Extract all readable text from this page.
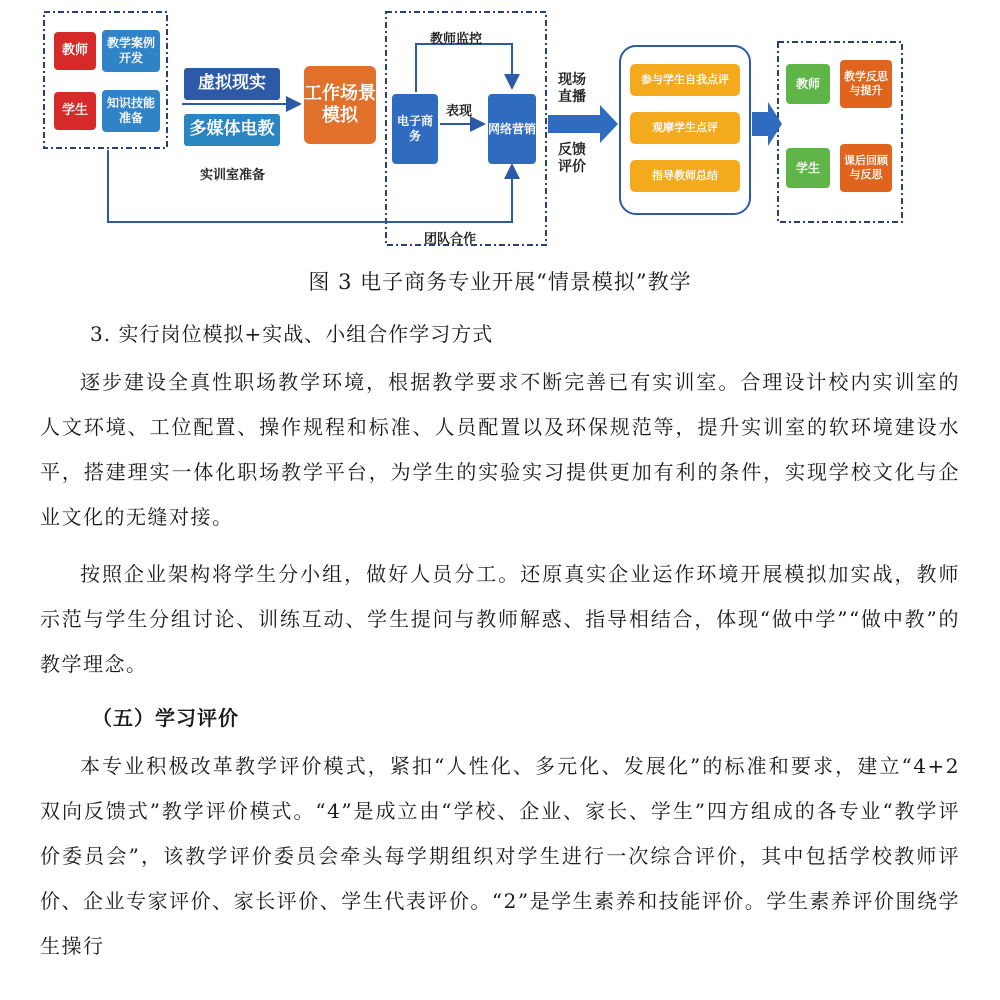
教师	教学案例开发
学生	知识技能准备
虚拟现实
多媒体电教
实训室准备
工作场景模拟
教师监控
电子商务
表现
网络营销
团队合作
现场直播
反馈评价
参与学生自我点评
观摩学生点评
指导教师总结
教师	教学反思与提升
学生	课后回顾与反思
图 3 电子商务专业开展“情景模拟”教学
3. 实行岗位模拟+实战、小组合作学习方式

逐步建设全真性职场教学环境，根据教学要求不断完善已有实训室。合理设计校内实训室的人文环境、工位配置、操作规程和标准、人员配置以及环保规范等，提升实训室的软环境建设水平，搭建理实一体化职场教学平台，为学生的实验实习提供更加有利的条件，实现学校文化与企业文化的无缝对接。

按照企业架构将学生分小组，做好人员分工。还原真实企业运作环境开展模拟加实战，教师示范与学生分组讨论、训练互动、学生提问与教师解惑、指导相结合，体现“做中学”“做中教”的教学理念。

（五）学习评价

本专业积极改革教学评价模式，紧扣“人性化、多元化、发展化”的标准和要求，建立“4+2 双向反馈式”教学评价模式。“4”是成立由“学校、企业、家长、学生”四方组成的各专业“教学评价委员会”，该教学评价委员会牵头每学期组织对学生进行一次综合评价，其中包括学校教师评价、企业专家评价、家长评价、学生代表评价。“2”是学生素养和技能评价。学生素养评价围绕学生操行
